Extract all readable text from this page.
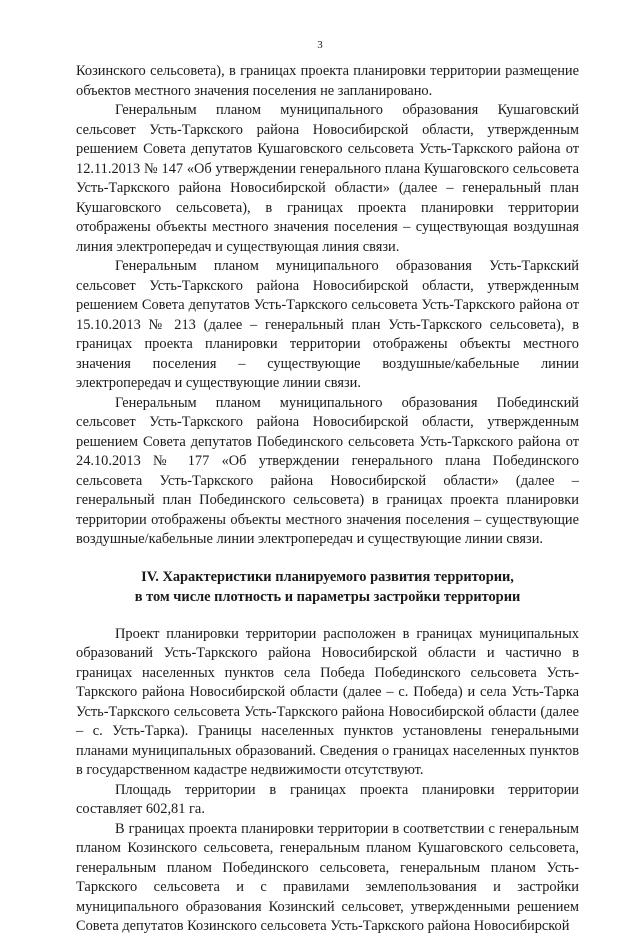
3

Козинского сельсовета), в границах проекта планировки территории размещение объектов местного значения поселения не запланировано.

Генеральным планом муниципального образования Кушаговский сельсовет Усть-Таркского района Новосибирской области, утвержденным решением Совета депутатов Кушаговского сельсовета Усть-Таркского района от 12.11.2013 № 147 «Об утверждении генерального плана Кушаговского сельсовета Усть-Таркского района Новосибирской области» (далее – генеральный план Кушаговского сельсовета), в границах проекта планировки территории отображены объекты местного значения поселения – существующая воздушная линия электропередач и существующая линия связи.

Генеральным планом муниципального образования Усть-Таркский сельсовет Усть-Таркского района Новосибирской области, утвержденным решением Совета депутатов Усть-Таркского сельсовета Усть-Таркского района от 15.10.2013 № 213 (далее – генеральный план Усть-Таркского сельсовета), в границах проекта планировки территории отображены объекты местного значения поселения – существующие воздушные/кабельные линии электропередач и существующие линии связи.

Генеральным планом муниципального образования Побединский сельсовет Усть-Таркского района Новосибирской области, утвержденным решением Совета депутатов Побединского сельсовета Усть-Таркского района от 24.10.2013 № 177 «Об утверждении генерального плана Побединского сельсовета Усть-Таркского района Новосибирской области» (далее – генеральный план Побединского сельсовета) в границах проекта планировки территории отображены объекты местного значения поселения – существующие воздушные/кабельные линии электропередач и существующие линии связи.

IV. Характеристики планируемого развития территории,
в том числе плотность и параметры застройки территории

Проект планировки территории расположен в границах муниципальных образований Усть-Таркского района Новосибирской области и частично в границах населенных пунктов села Победа Побединского сельсовета Усть-Таркского района Новосибирской области (далее – с. Победа) и села Усть-Тарка Усть-Таркского сельсовета Усть-Таркского района Новосибирской области (далее – с. Усть-Тарка). Границы населенных пунктов установлены генеральными планами муниципальных образований. Сведения о границах населенных пунктов в государственном кадастре недвижимости отсутствуют.

Площадь территории в границах проекта планировки территории составляет 602,81 га.

В границах проекта планировки территории в соответствии с генеральным планом Козинского сельсовета, генеральным планом Кушаговского сельсовета, генеральным планом Побединского сельсовета, генеральным планом Усть-Таркского сельсовета и с правилами землепользования и застройки муниципального образования Козинский сельсовет, утвержденными решением Совета депутатов Козинского сельсовета Усть-Таркского района Новосибирской
